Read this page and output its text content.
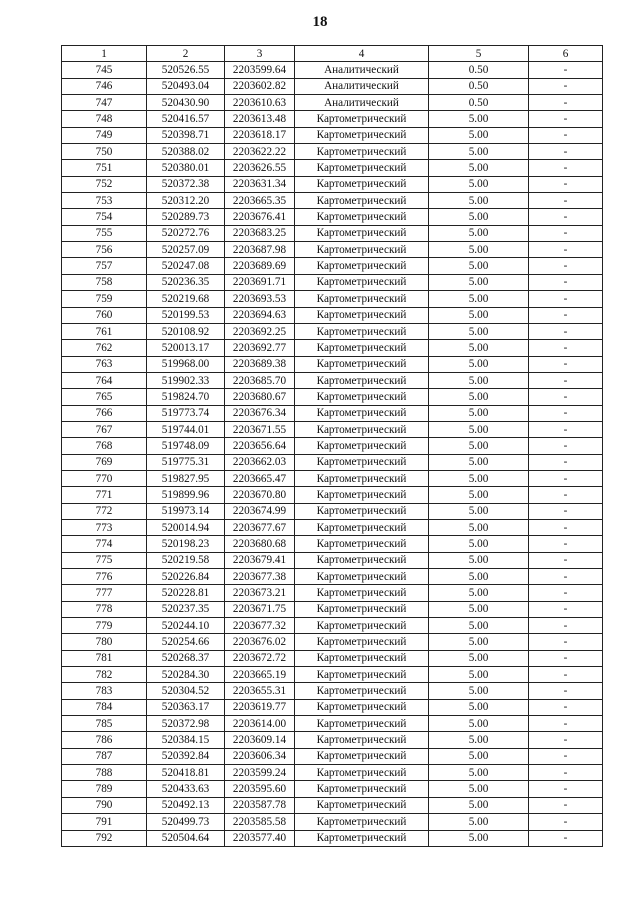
18
1	2	3	4	5	6
745	520526.55	2203599.64	Аналитический	0.50	-
746	520493.04	2203602.82	Аналитический	0.50	-
747	520430.90	2203610.63	Аналитический	0.50	-
748	520416.57	2203613.48	Картометрический	5.00	-
749	520398.71	2203618.17	Картометрический	5.00	-
750	520388.02	2203622.22	Картометрический	5.00	-
751	520380.01	2203626.55	Картометрический	5.00	-
752	520372.38	2203631.34	Картометрический	5.00	-
753	520312.20	2203665.35	Картометрический	5.00	-
754	520289.73	2203676.41	Картометрический	5.00	-
755	520272.76	2203683.25	Картометрический	5.00	-
756	520257.09	2203687.98	Картометрический	5.00	-
757	520247.08	2203689.69	Картометрический	5.00	-
758	520236.35	2203691.71	Картометрический	5.00	-
759	520219.68	2203693.53	Картометрический	5.00	-
760	520199.53	2203694.63	Картометрический	5.00	-
761	520108.92	2203692.25	Картометрический	5.00	-
762	520013.17	2203692.77	Картометрический	5.00	-
763	519968.00	2203689.38	Картометрический	5.00	-
764	519902.33	2203685.70	Картометрический	5.00	-
765	519824.70	2203680.67	Картометрический	5.00	-
766	519773.74	2203676.34	Картометрический	5.00	-
767	519744.01	2203671.55	Картометрический	5.00	-
768	519748.09	2203656.64	Картометрический	5.00	-
769	519775.31	2203662.03	Картометрический	5.00	-
770	519827.95	2203665.47	Картометрический	5.00	-
771	519899.96	2203670.80	Картометрический	5.00	-
772	519973.14	2203674.99	Картометрический	5.00	-
773	520014.94	2203677.67	Картометрический	5.00	-
774	520198.23	2203680.68	Картометрический	5.00	-
775	520219.58	2203679.41	Картометрический	5.00	-
776	520226.84	2203677.38	Картометрический	5.00	-
777	520228.81	2203673.21	Картометрический	5.00	-
778	520237.35	2203671.75	Картометрический	5.00	-
779	520244.10	2203677.32	Картометрический	5.00	-
780	520254.66	2203676.02	Картометрический	5.00	-
781	520268.37	2203672.72	Картометрический	5.00	-
782	520284.30	2203665.19	Картометрический	5.00	-
783	520304.52	2203655.31	Картометрический	5.00	-
784	520363.17	2203619.77	Картометрический	5.00	-
785	520372.98	2203614.00	Картометрический	5.00	-
786	520384.15	2203609.14	Картометрический	5.00	-
787	520392.84	2203606.34	Картометрический	5.00	-
788	520418.81	2203599.24	Картометрический	5.00	-
789	520433.63	2203595.60	Картометрический	5.00	-
790	520492.13	2203587.78	Картометрический	5.00	-
791	520499.73	2203585.58	Картометрический	5.00	-
792	520504.64	2203577.40	Картометрический	5.00	-
